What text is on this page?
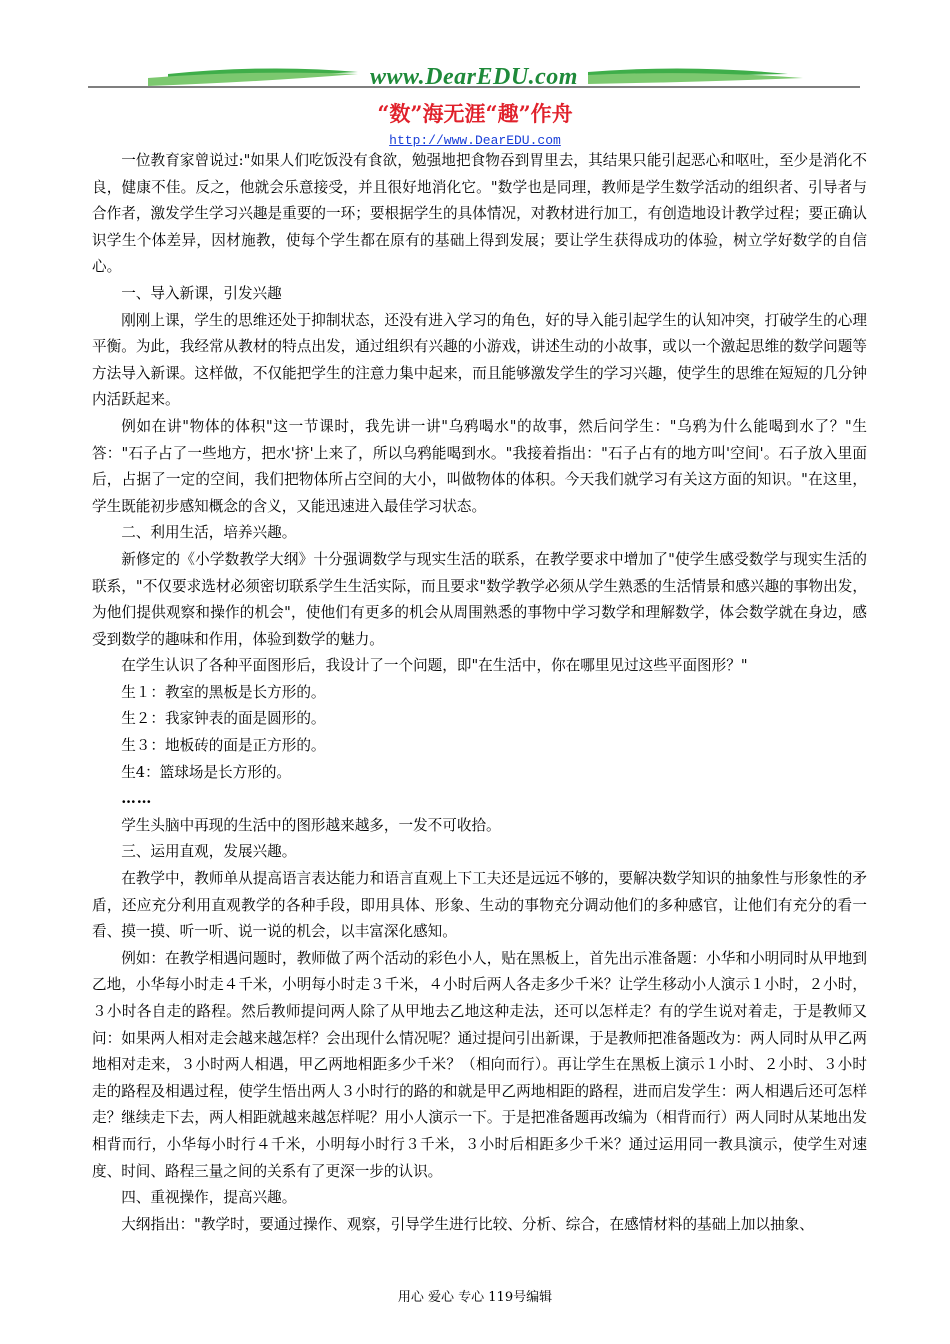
www.DearEDU.com
“数”海无涯“趣”作舟
http://www.DearEDU.com

一位教育家曾说过:"如果人们吃饭没有食欲，勉强地把食物吞到胃里去，其结果只能引起恶心和呕吐，至少是消化不良，健康不佳。反之，他就会乐意接受，并且很好地消化它。"数学也是同理，教师是学生数学活动的组织者、引导者与合作者，激发学生学习兴趣是重要的一环；要根据学生的具体情况，对教材进行加工，有创造地设计教学过程；要正确认识学生个体差异，因材施教，使每个学生都在原有的基础上得到发展；要让学生获得成功的体验，树立学好数学的自信心。

一、导入新课，引发兴趣

刚刚上课，学生的思维还处于抑制状态，还没有进入学习的角色，好的导入能引起学生的认知冲突，打破学生的心理平衡。为此，我经常从教材的特点出发，通过组织有兴趣的小游戏，讲述生动的小故事，或以一个激起思维的数学问题等方法导入新课。这样做，不仅能把学生的注意力集中起来，而且能够激发学生的学习兴趣，使学生的思维在短短的几分钟内活跃起来。

例如在讲"物体的体积"这一节课时，我先讲一讲"乌鸦喝水"的故事，然后问学生："乌鸦为什么能喝到水了？"生答："石子占了一些地方，把水'挤'上来了，所以乌鸦能喝到水。"我接着指出："石子占有的地方叫'空间'。石子放入里面后，占据了一定的空间，我们把物体所占空间的大小，叫做物体的体积。今天我们就学习有关这方面的知识。"在这里，学生既能初步感知概念的含义，又能迅速进入最佳学习状态。

二、利用生活，培养兴趣。

新修定的《小学数教学大纲》十分强调数学与现实生活的联系，在教学要求中增加了"使学生感受数学与现实生活的联系，"不仅要求选材必须密切联系学生生活实际，而且要求"数学教学必须从学生熟悉的生活情景和感兴趣的事物出发，为他们提供观察和操作的机会"，使他们有更多的机会从周围熟悉的事物中学习数学和理解数学，体会数学就在身边，感受到数学的趣味和作用，体验到数学的魅力。

在学生认识了各种平面图形后，我设计了一个问题，即"在生活中，你在哪里见过这些平面图形？"

生１：教室的黑板是长方形的。

生２：我家钟表的面是圆形的。

生３：地板砖的面是正方形的。

生4：篮球场是长方形的。

……

学生头脑中再现的生活中的图形越来越多，一发不可收拾。

三、运用直观，发展兴趣。

在教学中，教师单从提高语言表达能力和语言直观上下工夫还是远远不够的，要解决数学知识的抽象性与形象性的矛盾，还应充分利用直观教学的各种手段，即用具体、形象、生动的事物充分调动他们的多种感官，让他们有充分的看一看、摸一摸、听一听、说一说的机会，以丰富深化感知。

例如：在教学相遇问题时，教师做了两个活动的彩色小人，贴在黑板上，首先出示准备题：小华和小明同时从甲地到乙地，小华每小时走４千米，小明每小时走３千米，４小时后两人各走多少千米？让学生移动小人演示１小时，２小时，３小时各自走的路程。然后教师提问两人除了从甲地去乙地这种走法，还可以怎样走？有的学生说对着走，于是教师又问：如果两人相对走会越来越怎样？会出现什么情况呢？通过提问引出新课，于是教师把准备题改为：两人同时从甲乙两地相对走来，３小时两人相遇，甲乙两地相距多少千米？（相向而行）。再让学生在黑板上演示１小时、２小时、３小时走的路程及相遇过程，使学生悟出两人３小时行的路的和就是甲乙两地相距的路程，进而启发学生：两人相遇后还可怎样走？继续走下去，两人相距就越来越怎样呢？用小人演示一下。于是把准备题再改编为（相背而行）两人同时从某地出发相背而行，小华每小时行４千米，小明每小时行３千米，３小时后相距多少千米？通过运用同一教具演示，使学生对速度、时间、路程三量之间的关系有了更深一步的认识。

四、重视操作，提高兴趣。

大纲指出："教学时，要通过操作、观察，引导学生进行比较、分析、综合，在感情材料的基础上加以抽象、

用心 爱心 专心 119号编辑
